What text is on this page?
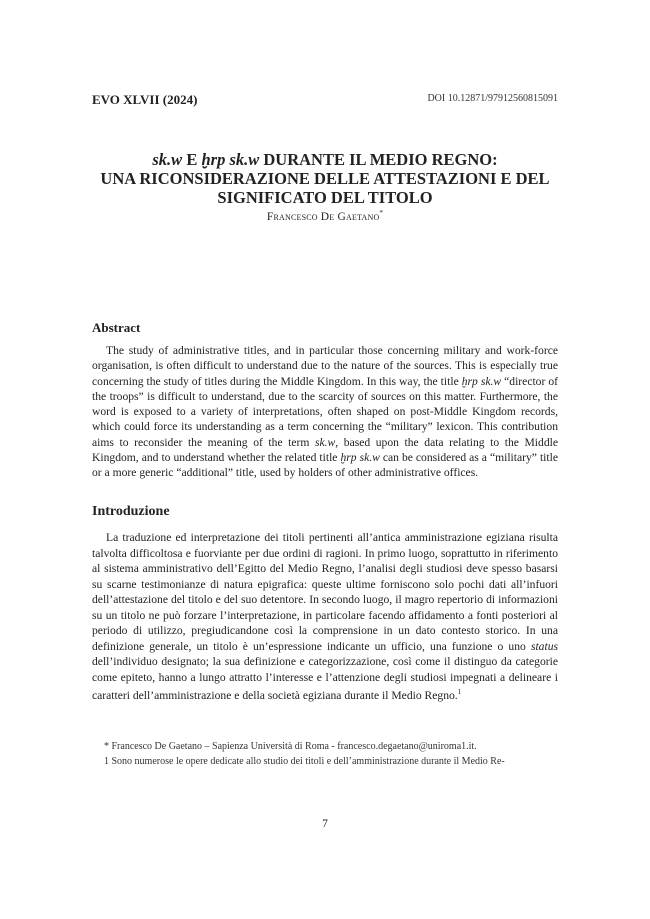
EVO XLVII (2024)	DOI 10.12871/97912560815091
sk.w E ḫrp sk.w DURANTE IL MEDIO REGNO:
UNA RICONSIDERAZIONE DELLE ATTESTAZIONI E DEL
SIGNIFICATO DEL TITOLO
Francesco De Gaetano*
Abstract

The study of administrative titles, and in particular those concerning military and work-force organisation, is often difficult to understand due to the nature of the sources. This is especially true concerning the study of titles during the Middle Kingdom. In this way, the title ḫrp sk.w “director of the troops” is difficult to understand, due to the scarcity of sources on this matter. Furthermore, the word is exposed to a variety of interpretations, often shaped on post-Middle Kingdom records, which could force its understanding as a term concerning the “military” lexicon. This contribution aims to reconsider the meaning of the term sk.w, based upon the data relating to the Middle Kingdom, and to understand whether the related title ḫrp sk.w can be considered as a “military” title or a more generic “additional” title, used by holders of other administrative offices.

Introduzione

La traduzione ed interpretazione dei titoli pertinenti all’antica amministrazione egiziana risulta talvolta difficoltosa e fuorviante per due ordini di ragioni. In primo luogo, soprattutto in riferimento al sistema amministrativo dell’Egitto del Medio Regno, l’analisi degli studiosi deve spesso basarsi su scarne testimonianze di natura epigrafica: queste ultime forniscono solo pochi dati all’infuori dell’attestazione del titolo e del suo detentore. In secondo luogo, il magro repertorio di informazioni su un titolo ne può forzare l’interpretazione, in particolare facendo affidamento a fonti posteriori al periodo di utilizzo, pregiudicandone così la comprensione in un dato contesto storico. In una definizione generale, un titolo è un’espressione indicante un ufficio, una funzione o uno status dell’individuo designato; la sua definizione e categorizzazione, così come il distinguo da categorie come epiteto, hanno a lungo attratto l’interesse e l’attenzione degli studiosi impegnati a delineare i caratteri dell’amministrazione e della società egiziana durante il Medio Regno.$^1$

* Francesco De Gaetano – Sapienza Università di Roma - francesco.degaetano@uniroma1.it.
1 Sono numerose le opere dedicate allo studio dei titoli e dell’amministrazione durante il Medio Re-
7
